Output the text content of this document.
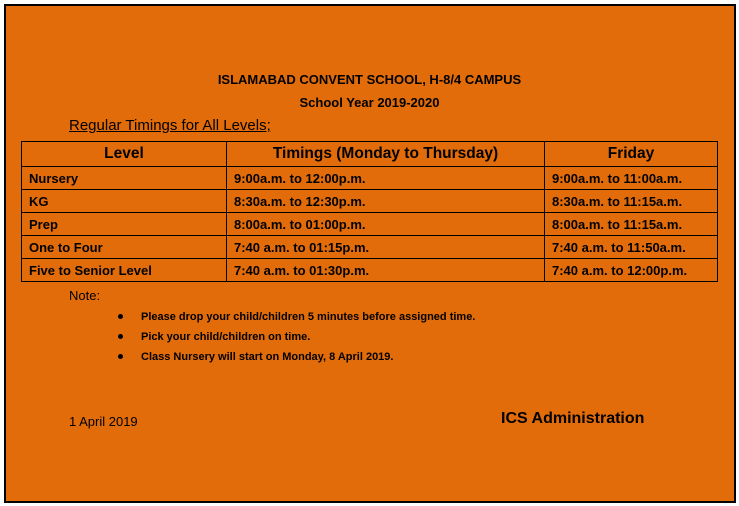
ISLAMABAD CONVENT SCHOOL, H-8/4 CAMPUS
School Year 2019-2020
Regular Timings for All Levels;
Level	Timings (Monday to Thursday)	Friday
Nursery	9:00a.m. to 12:00p.m.	9:00a.m. to 11:00a.m.
KG	8:30a.m. to 12:30p.m.	8:30a.m. to 11:15a.m.
Prep	8:00a.m. to 01:00p.m.	8:00a.m. to 11:15a.m.
One to Four	7:40 a.m. to 01:15p.m.	7:40 a.m. to 11:50a.m.
Five to Senior Level	7:40 a.m. to 01:30p.m.	7:40 a.m. to 12:00p.m.
Note:
Please drop your child/children 5 minutes before assigned time.
Pick your child/children on time.
Class Nursery will start on Monday, 8 April 2019.
1 April 2019	ICS Administration
